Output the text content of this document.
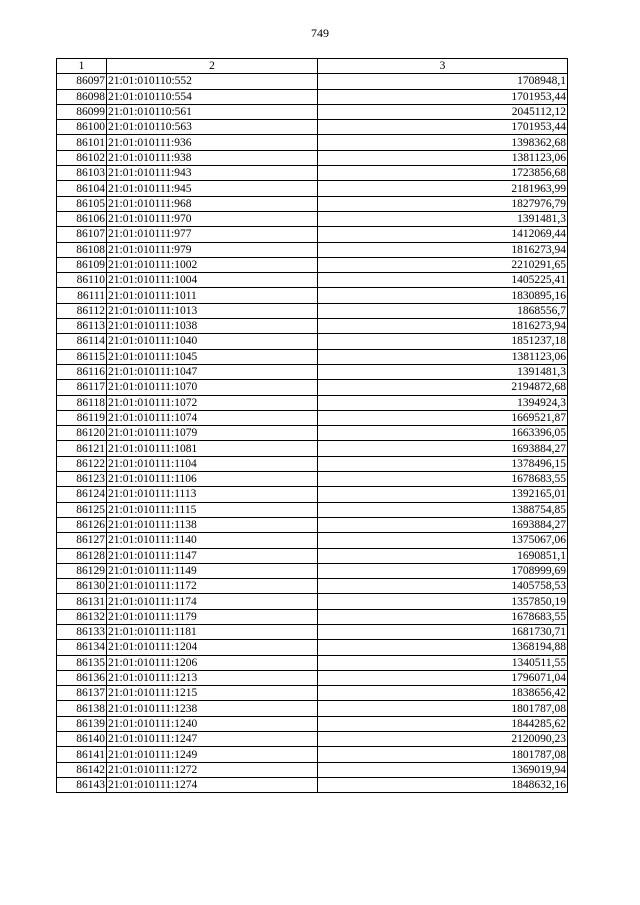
749
1	2	3
86097	21:01:010110:552	1708948,1
86098	21:01:010110:554	1701953,44
86099	21:01:010110:561	2045112,12
86100	21:01:010110:563	1701953,44
86101	21:01:010111:936	1398362,68
86102	21:01:010111:938	1381123,06
86103	21:01:010111:943	1723856,68
86104	21:01:010111:945	2181963,99
86105	21:01:010111:968	1827976,79
86106	21:01:010111:970	1391481,3
86107	21:01:010111:977	1412069,44
86108	21:01:010111:979	1816273,94
86109	21:01:010111:1002	2210291,65
86110	21:01:010111:1004	1405225,41
86111	21:01:010111:1011	1830895,16
86112	21:01:010111:1013	1868556,7
86113	21:01:010111:1038	1816273,94
86114	21:01:010111:1040	1851237,18
86115	21:01:010111:1045	1381123,06
86116	21:01:010111:1047	1391481,3
86117	21:01:010111:1070	2194872,68
86118	21:01:010111:1072	1394924,3
86119	21:01:010111:1074	1669521,87
86120	21:01:010111:1079	1663396,05
86121	21:01:010111:1081	1693884,27
86122	21:01:010111:1104	1378496,15
86123	21:01:010111:1106	1678683,55
86124	21:01:010111:1113	1392165,01
86125	21:01:010111:1115	1388754,85
86126	21:01:010111:1138	1693884,27
86127	21:01:010111:1140	1375067,06
86128	21:01:010111:1147	1690851,1
86129	21:01:010111:1149	1708999,69
86130	21:01:010111:1172	1405758,53
86131	21:01:010111:1174	1357850,19
86132	21:01:010111:1179	1678683,55
86133	21:01:010111:1181	1681730,71
86134	21:01:010111:1204	1368194,88
86135	21:01:010111:1206	1340511,55
86136	21:01:010111:1213	1796071,04
86137	21:01:010111:1215	1838656,42
86138	21:01:010111:1238	1801787,08
86139	21:01:010111:1240	1844285,62
86140	21:01:010111:1247	2120090,23
86141	21:01:010111:1249	1801787,08
86142	21:01:010111:1272	1369019,94
86143	21:01:010111:1274	1848632,16
